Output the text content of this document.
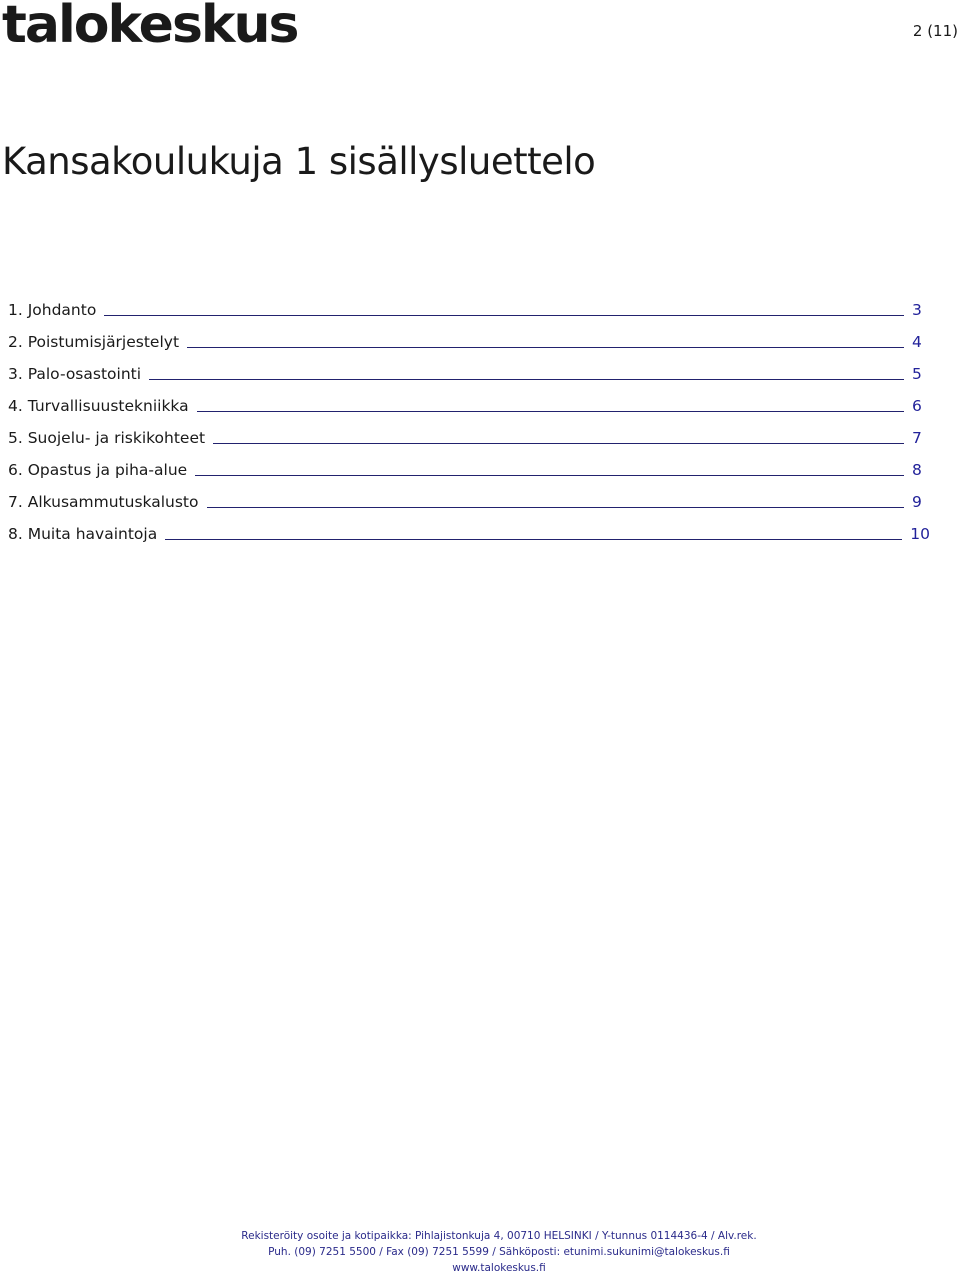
talokeskus	2 (11)
Kansakoulukuja 1 sisällysluettelo
1. Johdanto	3
2. Poistumisjärjestelyt	4
3. Palo-osastointi	5
4. Turvallisuustekniikka	6
5. Suojelu- ja riskikohteet	7
6. Opastus ja piha-alue	8
7. Alkusammutuskalusto	9
8. Muita havaintoja	10
Rekisteröity osoite ja kotipaikka: Pihlajistonkuja 4, 00710 HELSINKI / Y-tunnus 0114436-4 / Alv.rek.
Puh. (09) 7251 5500 / Fax (09) 7251 5599 / Sähköposti: etunimi.sukunimi@talokeskus.fi
www.talokeskus.fi
